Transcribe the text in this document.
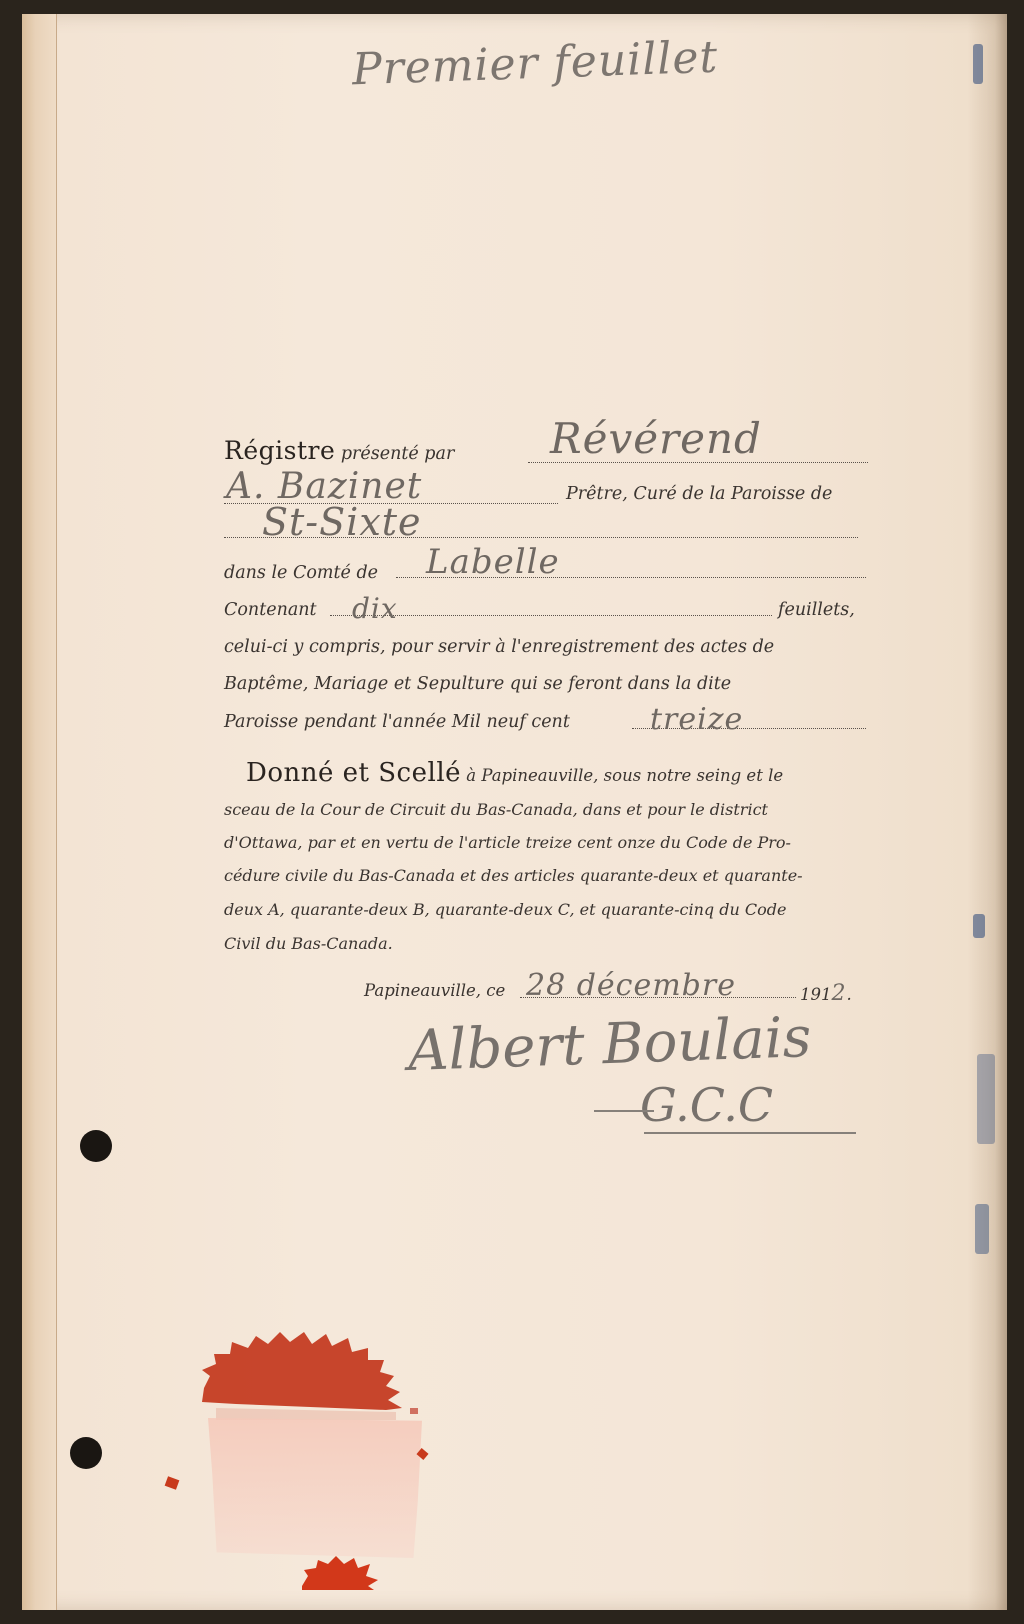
Premier feuillet
Régistre présenté par	Révérend
A. Bazinet	Prêtre, Curé de la Paroisse de
St-Sixte
dans le Comté de	Labelle
Contenant	dix	feuillets,
celui-ci y compris, pour servir à l'enregistrement des actes de
Baptême, Mariage et Sepulture qui se feront dans la dite
Paroisse pendant l'année Mil neuf cent	treize
Donné et Scellé à Papineauville, sous notre seing et le
sceau de la Cour de Circuit du Bas-Canada, dans et pour le district
d'Ottawa, par et en vertu de l'article treize cent onze du Code de Pro-
cédure civile du Bas-Canada et des articles quarante-deux et quarante-
deux A, quarante-deux B, quarante-deux C, et quarante-cinq du Code
Civil du Bas-Canada.
Papineauville, ce 28 décembre	1912.
Albert Boulais
G.C.C
